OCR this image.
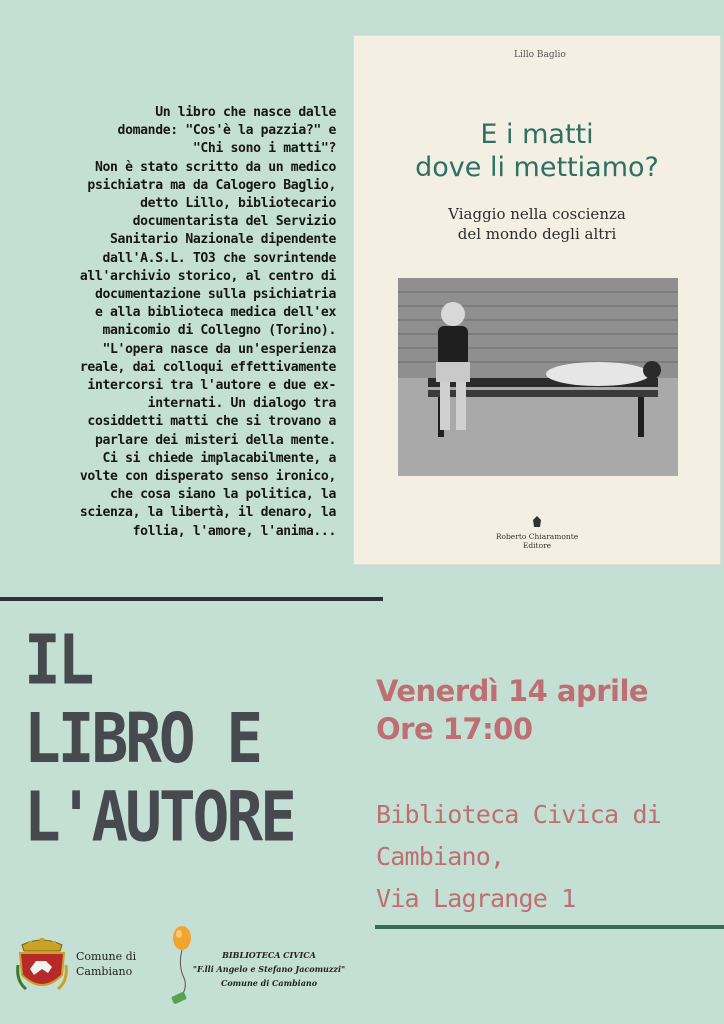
Un libro che nasce dalle
domande: "Cos'è la pazzia?" e
"Chi sono i matti"?
Non è stato scritto da un medico
psichiatra ma da Calogero Baglio,
detto Lillo, bibliotecario
documentarista del Servizio
Sanitario Nazionale dipendente
dall'A.S.L. TO3 che sovrintende
all'archivio storico, al centro di
documentazione sulla psichiatria
e alla biblioteca medica dell'ex
manicomio di Collegno (Torino).
"L'opera nasce da un'esperienza
reale, dai colloqui effettivamente
intercorsi tra l'autore e due ex-
internati. Un dialogo tra
cosiddetti matti che si trovano a
parlare dei misteri della mente.
Ci si chiede implacabilmente, a
volte con disperato senso ironico,
che cosa siano la politica, la
scienza, la libertà, il denaro, la
follia, l'amore, l'anima...
Lillo Baglio
E i matti
dove li mettiamo?
Viaggio nella coscienza
del mondo degli altri
Roberto Chiaramonte
Editore
IL
LIBRO E
L'AUTORE
Venerdì 14 aprile
Ore 17:00
Biblioteca Civica di
Cambiano,
Via Lagrange 1
Comune di
Cambiano
BIBLIOTECA CIVICA
"F.lli Angelo e Stefano Jacomuzzi"
Comune di Cambiano
